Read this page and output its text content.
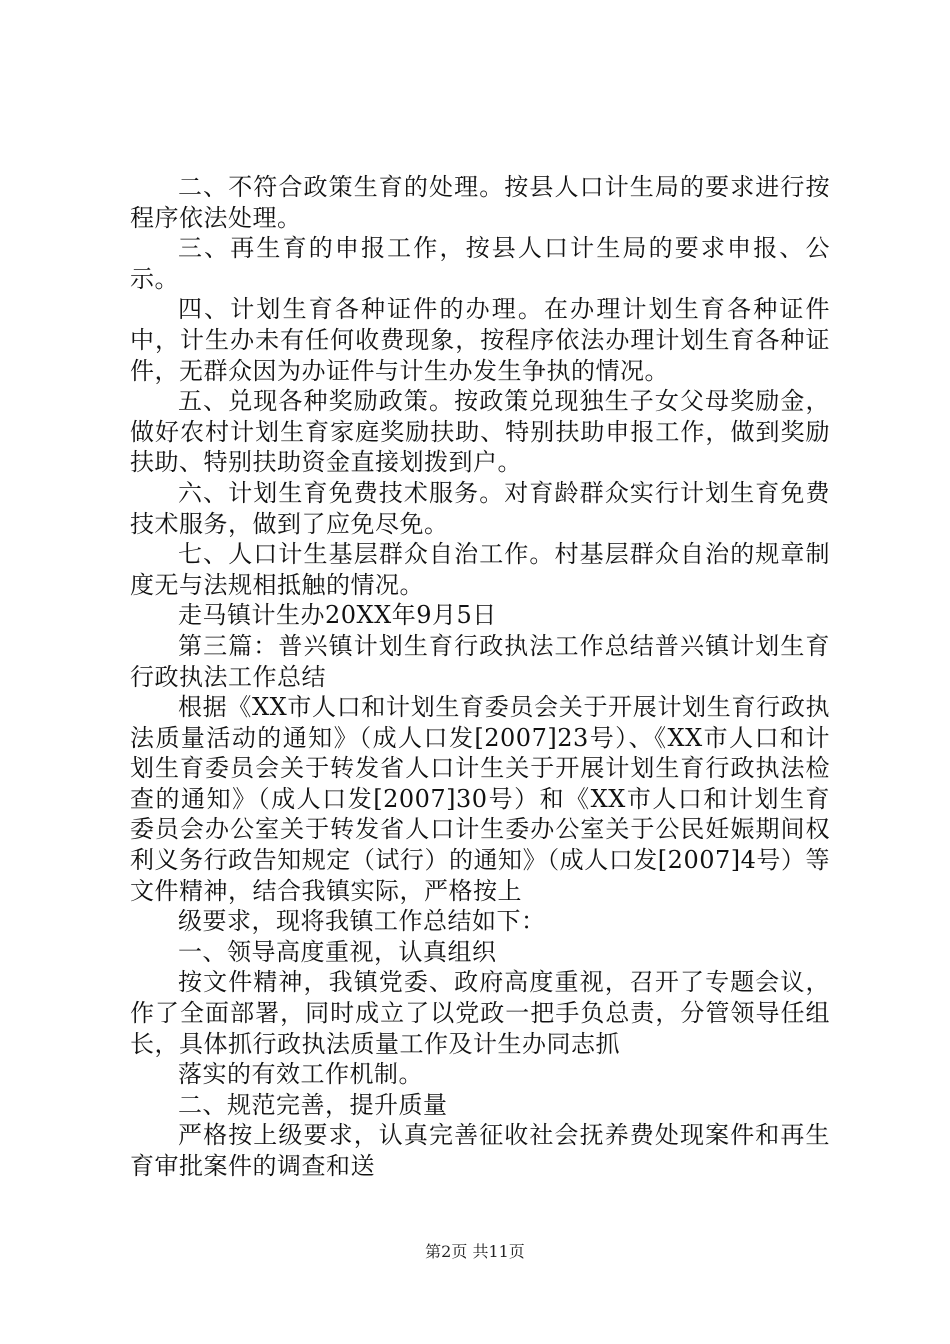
二、不符合政策生育的处理。按县人口计生局的要求进行按程序依法处理。

三、再生育的申报工作，按县人口计生局的要求申报、公示。

四、计划生育各种证件的办理。在办理计划生育各种证件中，计生办未有任何收费现象，按程序依法办理计划生育各种证件，无群众因为办证件与计生办发生争执的情况。

五、兑现各种奖励政策。按政策兑现独生子女父母奖励金，做好农村计划生育家庭奖励扶助、特别扶助申报工作，做到奖励扶助、特别扶助资金直接划拨到户。

六、计划生育免费技术服务。对育龄群众实行计划生育免费技术服务，做到了应免尽免。

七、人口计生基层群众自治工作。村基层群众自治的规章制度无与法规相抵触的情况。

走马镇计生办20XX年9月5日

第三篇：普兴镇计划生育行政执法工作总结普兴镇计划生育行政执法工作总结

根据《XX市人口和计划生育委员会关于开展计划生育行政执法质量活动的通知》（成人口发[2007]23号）、《XX市人口和计划生育委员会关于转发省人口计生关于开展计划生育行政执法检查的通知》（成人口发[2007]30号）和《XX市人口和计划生育委员会办公室关于转发省人口计生委办公室关于公民妊娠期间权利义务行政告知规定（试行）的通知》（成人口发[2007]4号）等文件精神，结合我镇实际，严格按上

级要求，现将我镇工作总结如下：

一、领导高度重视，认真组织

按文件精神，我镇党委、政府高度重视，召开了专题会议，作了全面部署，同时成立了以党政一把手负总责，分管领导任组长，具体抓行政执法质量工作及计生办同志抓

落实的有效工作机制。

二、规范完善，提升质量

严格按上级要求，认真完善征收社会抚养费处现案件和再生育审批案件的调查和送

第2页 共11页
